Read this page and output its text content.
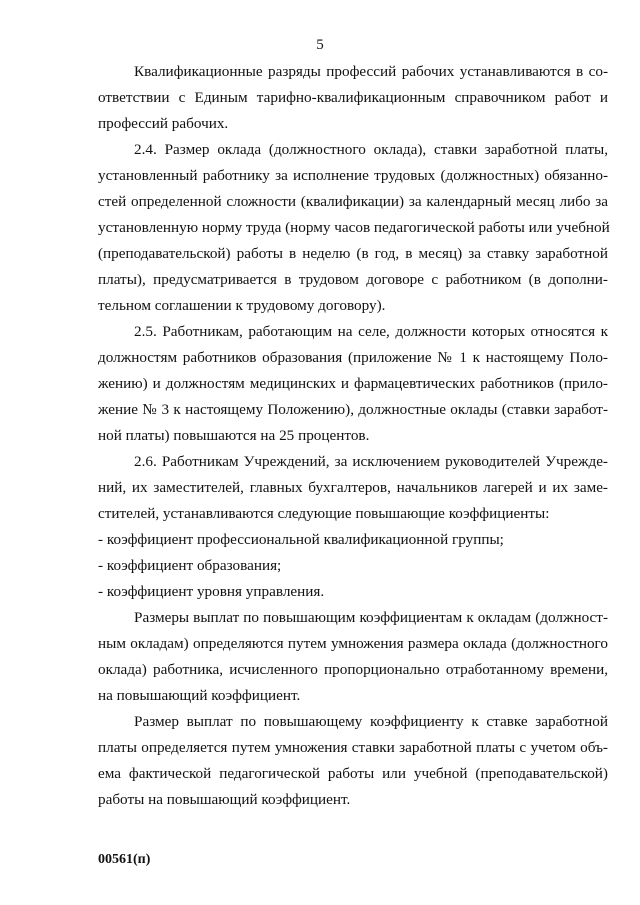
5
Квалификационные разряды профессий рабочих устанавливаются в со-
ответствии с Единым тарифно-квалификационным справочником работ и
профессий рабочих.
2.4. Размер оклада (должностного оклада), ставки заработной платы,
установленный работнику за исполнение трудовых (должностных) обязанно-
стей определенной сложности (квалификации) за календарный месяц либо за
установленную норму труда (норму часов педагогической работы или учебной
(преподавательской) работы в неделю (в год, в месяц) за ставку заработной
платы), предусматривается в трудовом договоре с работником (в дополни-
тельном соглашении к трудовому договору).
2.5. Работникам, работающим на селе, должности которых относятся к
должностям работников образования (приложение № 1 к настоящему Поло-
жению) и должностям медицинских и фармацевтических работников (прило-
жение № 3 к настоящему Положению), должностные оклады (ставки заработ-
ной платы) повышаются на 25 процентов.
2.6. Работникам Учреждений, за исключением руководителей Учрежде-
ний, их заместителей, главных бухгалтеров, начальников лагерей и их заме-
стителей, устанавливаются следующие повышающие коэффициенты:
- коэффициент профессиональной квалификационной группы;
- коэффициент образования;
- коэффициент уровня управления.
Размеры выплат по повышающим коэффициентам к окладам (должност-
ным окладам) определяются путем умножения размера оклада (должностного
оклада) работника, исчисленного пропорционально отработанному времени,
на повышающий коэффициент.
Размер выплат по повышающему коэффициенту к ставке заработной
платы определяется путем умножения ставки заработной платы с учетом объ-
ема фактической педагогической работы или учебной (преподавательской)
работы на повышающий коэффициент.
00561(п)
